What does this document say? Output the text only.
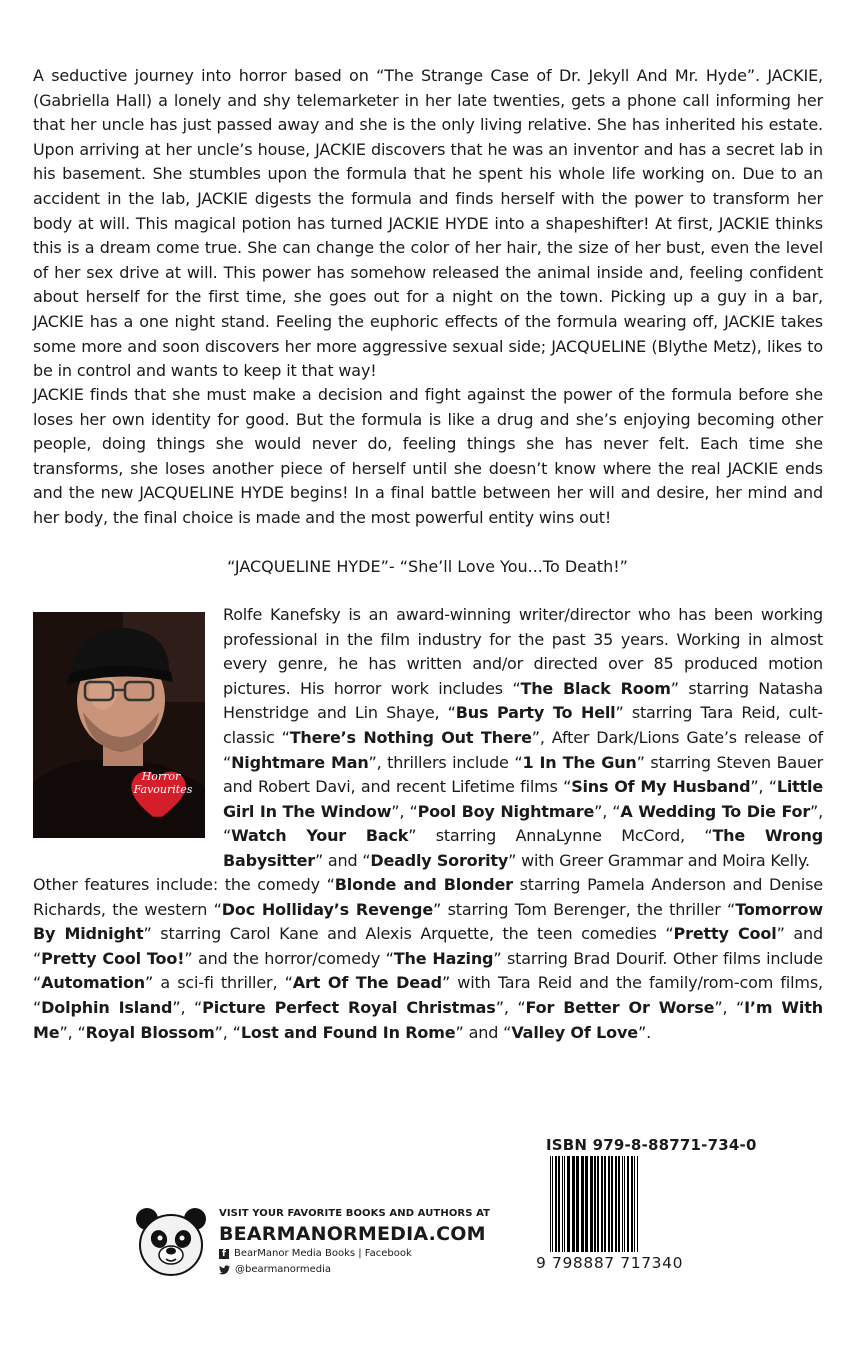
A seductive journey into horror based on “The Strange Case of Dr. Jekyll And Mr. Hyde”. JACKIE, (Gabriella Hall) a lonely and shy telemarketer in her late twenties, gets a phone call informing her that her uncle has just passed away and she is the only living relative. She has inherited his estate. Upon arriving at her uncle’s house, JACKIE discovers that he was an inventor and has a secret lab in his basement. She stumbles upon the formula that he spent his whole life working on. Due to an accident in the lab, JACKIE digests the formula and finds herself with the power to transform her body at will. This magical potion has turned JACKIE HYDE into a shapeshifter! At first, JACKIE thinks this is a dream come true. She can change the color of her hair, the size of her bust, even the level of her sex drive at will. This power has somehow released the animal inside and, feeling confident about herself for the first time, she goes out for a night on the town. Picking up a guy in a bar, JACKIE has a one night stand. Feeling the euphoric effects of the formula wearing off, JACKIE takes some more and soon discovers her more aggressive sexual side; JACQUELINE (Blythe Metz), likes to be in control and wants to keep it that way!

JACKIE finds that she must make a decision and fight against the power of the formula before she loses her own identity for good. But the formula is like a drug and she’s enjoying becoming other people, doing things she would never do, feeling things she has never felt. Each time she transforms, she loses another piece of herself until she doesn’t know where the real JACKIE ends and the new JACQUELINE HYDE begins! In a final battle between her will and desire, her mind and her body, the final choice is made and the most powerful entity wins out!

“JACQUELINE HYDE”- “She’ll Love You...To Death!”

Horror
Favourites

Rolfe Kanefsky is an award-winning writer/director who has been working professional in the film industry for the past 35 years. Working in almost every genre, he has written and/or directed over 85 produced motion pictures. His horror work includes “The Black Room” starring Natasha Henstridge and Lin Shaye, “Bus Party To Hell” starring Tara Reid, cult-classic “There’s Nothing Out There”, After Dark/Lions Gate’s release of “Nightmare Man”, thrillers include “1 In The Gun” starring Steven Bauer and Robert Davi, and recent Lifetime films “Sins Of My Husband”, “Little Girl In The Window”, “Pool Boy Nightmare”, “A Wedding To Die For”, “Watch Your Back” starring AnnaLynne McCord, “The Wrong Babysitter” and “Deadly Sorority” with Greer Grammar and Moira Kelly.

Other features include: the comedy “Blonde and Blonder starring Pamela Anderson and Denise Richards, the western “Doc Holliday’s Revenge” starring Tom Berenger, the thriller “Tomorrow By Midnight” starring Carol Kane and Alexis Arquette, the teen comedies “Pretty Cool” and “Pretty Cool Too!” and the horror/comedy “The Hazing” starring Brad Dourif. Other films include “Automation” a sci-fi thriller, “Art Of The Dead” with Tara Reid and the family/rom-com films, “Dolphin Island”, “Picture Perfect Royal Christmas”, “For Better Or Worse”, “I’m With Me”, “Royal Blossom”, “Lost and Found In Rome” and “Valley Of Love”.

VISIT YOUR FAVORITE BOOKS AND AUTHORS AT

BEARMANORMEDIA.COM

f BearManor Media Books | Facebook

@bearmanormedia

ISBN 979-8-88771-734-0

9 798887 717340
